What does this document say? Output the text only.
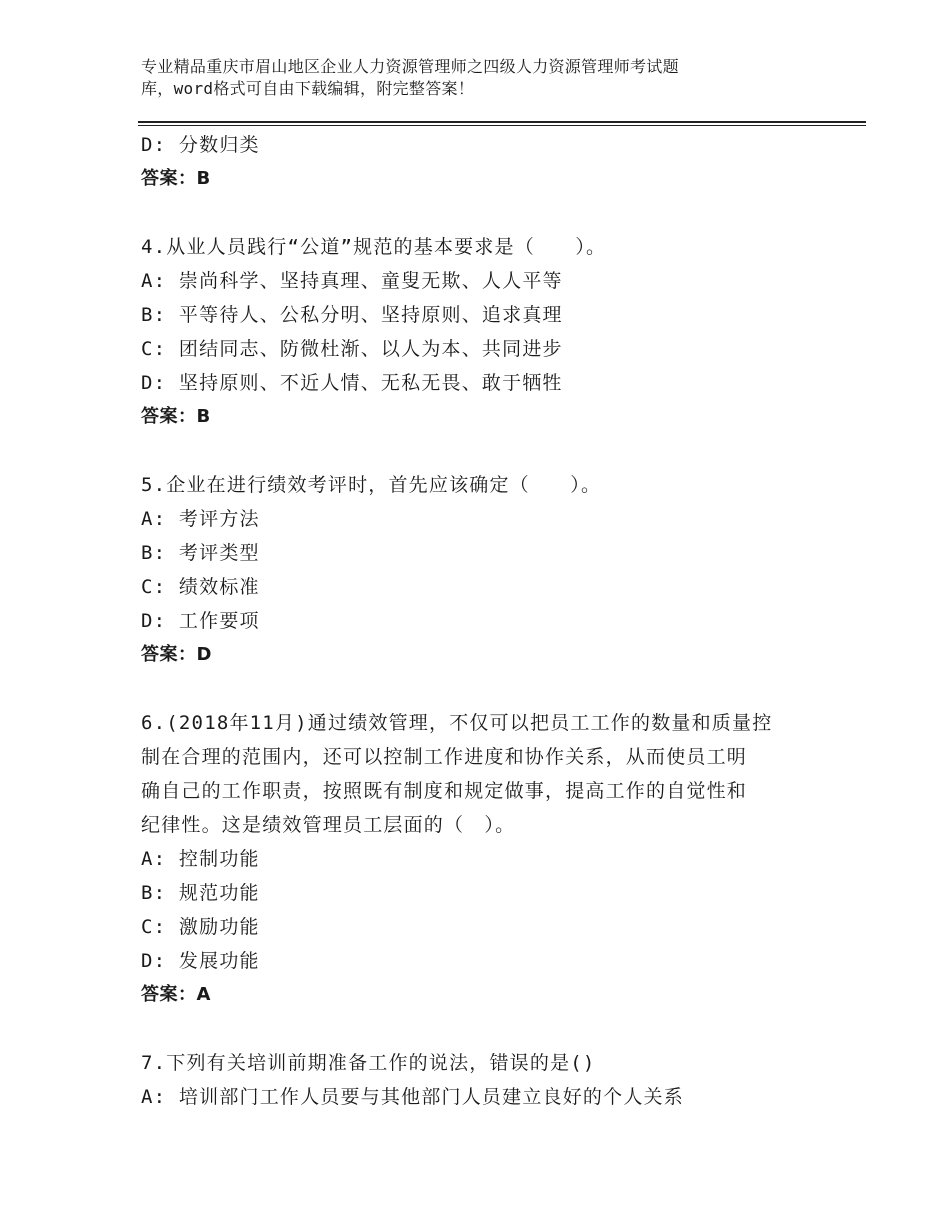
专业精品重庆市眉山地区企业人力资源管理师之四级人力资源管理师考试题
库，word格式可自由下载编辑，附完整答案！
D: 分数归类
答案：B
4.从业人员践行“公道”规范的基本要求是（　　）。
A: 崇尚科学、坚持真理、童叟无欺、人人平等
B: 平等待人、公私分明、坚持原则、追求真理
C: 团结同志、防微杜渐、以人为本、共同进步
D: 坚持原则、不近人情、无私无畏、敢于牺牲
答案：B
5.企业在进行绩效考评时，首先应该确定（　　）。
A: 考评方法
B: 考评类型
C: 绩效标准
D: 工作要项
答案：D
6.(2018年11月)通过绩效管理，不仅可以把员工工作的数量和质量控
制在合理的范围内，还可以控制工作进度和协作关系，从而使员工明
确自己的工作职责，按照既有制度和规定做事，提高工作的自觉性和
纪律性。这是绩效管理员工层面的（　）。
A: 控制功能
B: 规范功能
C: 激励功能
D: 发展功能
答案：A
7.下列有关培训前期准备工作的说法，错误的是()
A: 培训部门工作人员要与其他部门人员建立良好的个人关系
